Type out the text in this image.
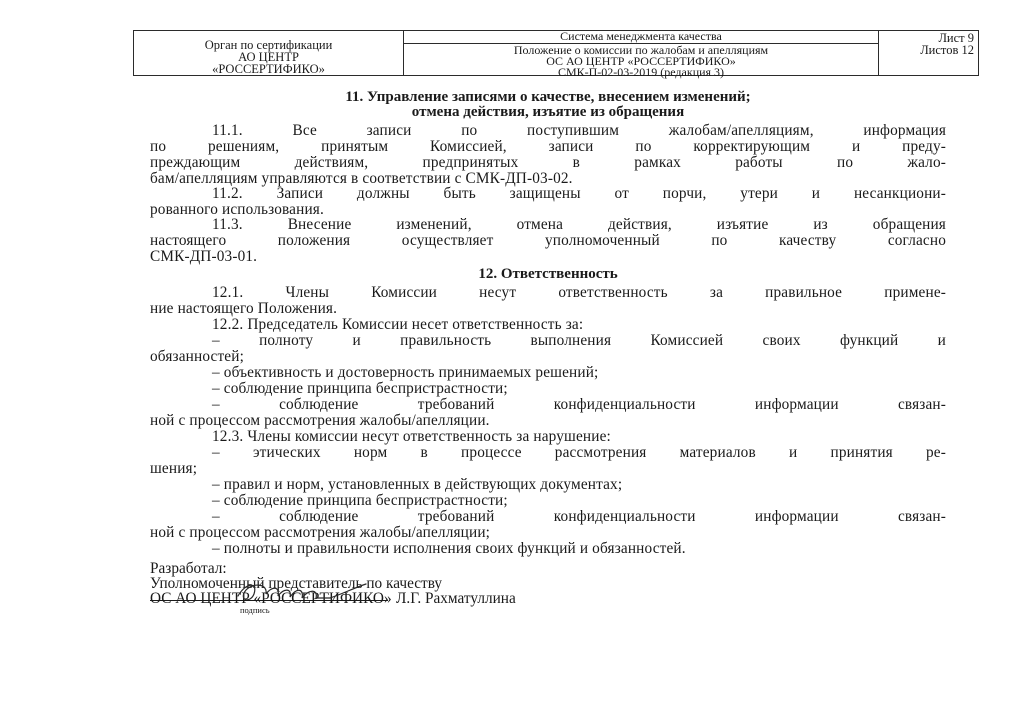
Орган по сертификации
АО ЦЕНТР
«РОССЕРТИФИКО»
Система менеджмента качества
Положение о комиссии по жалобам и апелляциям
ОС АО ЦЕНТР «РОССЕРТИФИКО»
СМК-П-02-03-2019 (редакция 3)
Лист 9
Листов 12
11. Управление записями о качестве, внесением изменений;
отмена действия, изъятие из обращения
11.1. Все записи по поступившим жалобам/апелляциям, информация
по решениям, принятым Комиссией, записи по корректирующим и преду-
преждающим действиям, предпринятых в рамках работы по жало-
бам/апелляциям управляются в соответствии с СМК-ДП-03-02.
11.2. Записи должны быть защищены от порчи, утери и несанкциони-
рованного использования.
11.3. Внесение изменений, отмена действия, изъятие из обращения
настоящего положения осуществляет уполномоченный по качеству согласно
СМК-ДП-03-01.
12. Ответственность
12.1. Члены Комиссии несут ответственность за правильное примене-
ние настоящего Положения.
12.2. Председатель Комиссии несет ответственность за:
– полноту и правильность выполнения Комиссией своих функций и
обязанностей;
– объективность и достоверность принимаемых решений;
– соблюдение принципа беспристрастности;
– соблюдение требований конфиденциальности информации связан-
ной с процессом рассмотрения жалобы/апелляции.
12.3. Члены комиссии несут ответственность за нарушение:
– этических норм в процессе рассмотрения материалов и принятия ре-
шения;
– правил и норм, установленных в действующих документах;
– соблюдение принципа беспристрастности;
– соблюдение требований конфиденциальности информации связан-
ной с процессом рассмотрения жалобы/апелляции;
– полноты и правильности исполнения своих функций и обязанностей.
Разработал:
Уполномоченный представитель по качеству
ОС АО ЦЕНТР «РОССЕРТИФИКО»
подпись
Л.Г. Рахматуллина
